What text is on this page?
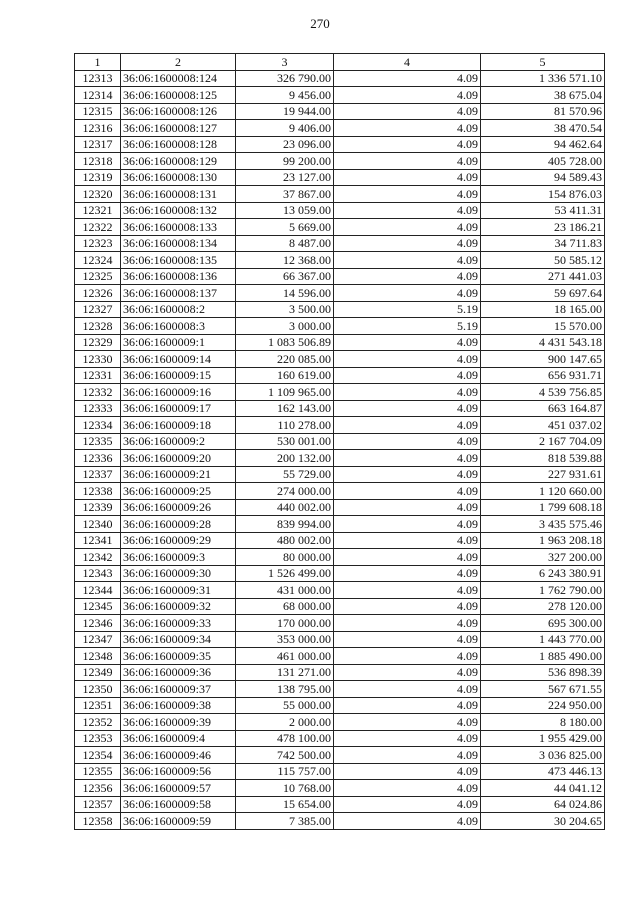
270
1	2	3	4	5
12313	36:06:1600008:124	326 790.00	4.09	1 336 571.10
12314	36:06:1600008:125	9 456.00	4.09	38 675.04
12315	36:06:1600008:126	19 944.00	4.09	81 570.96
12316	36:06:1600008:127	9 406.00	4.09	38 470.54
12317	36:06:1600008:128	23 096.00	4.09	94 462.64
12318	36:06:1600008:129	99 200.00	4.09	405 728.00
12319	36:06:1600008:130	23 127.00	4.09	94 589.43
12320	36:06:1600008:131	37 867.00	4.09	154 876.03
12321	36:06:1600008:132	13 059.00	4.09	53 411.31
12322	36:06:1600008:133	5 669.00	4.09	23 186.21
12323	36:06:1600008:134	8 487.00	4.09	34 711.83
12324	36:06:1600008:135	12 368.00	4.09	50 585.12
12325	36:06:1600008:136	66 367.00	4.09	271 441.03
12326	36:06:1600008:137	14 596.00	4.09	59 697.64
12327	36:06:1600008:2	3 500.00	5.19	18 165.00
12328	36:06:1600008:3	3 000.00	5.19	15 570.00
12329	36:06:1600009:1	1 083 506.89	4.09	4 431 543.18
12330	36:06:1600009:14	220 085.00	4.09	900 147.65
12331	36:06:1600009:15	160 619.00	4.09	656 931.71
12332	36:06:1600009:16	1 109 965.00	4.09	4 539 756.85
12333	36:06:1600009:17	162 143.00	4.09	663 164.87
12334	36:06:1600009:18	110 278.00	4.09	451 037.02
12335	36:06:1600009:2	530 001.00	4.09	2 167 704.09
12336	36:06:1600009:20	200 132.00	4.09	818 539.88
12337	36:06:1600009:21	55 729.00	4.09	227 931.61
12338	36:06:1600009:25	274 000.00	4.09	1 120 660.00
12339	36:06:1600009:26	440 002.00	4.09	1 799 608.18
12340	36:06:1600009:28	839 994.00	4.09	3 435 575.46
12341	36:06:1600009:29	480 002.00	4.09	1 963 208.18
12342	36:06:1600009:3	80 000.00	4.09	327 200.00
12343	36:06:1600009:30	1 526 499.00	4.09	6 243 380.91
12344	36:06:1600009:31	431 000.00	4.09	1 762 790.00
12345	36:06:1600009:32	68 000.00	4.09	278 120.00
12346	36:06:1600009:33	170 000.00	4.09	695 300.00
12347	36:06:1600009:34	353 000.00	4.09	1 443 770.00
12348	36:06:1600009:35	461 000.00	4.09	1 885 490.00
12349	36:06:1600009:36	131 271.00	4.09	536 898.39
12350	36:06:1600009:37	138 795.00	4.09	567 671.55
12351	36:06:1600009:38	55 000.00	4.09	224 950.00
12352	36:06:1600009:39	2 000.00	4.09	8 180.00
12353	36:06:1600009:4	478 100.00	4.09	1 955 429.00
12354	36:06:1600009:46	742 500.00	4.09	3 036 825.00
12355	36:06:1600009:56	115 757.00	4.09	473 446.13
12356	36:06:1600009:57	10 768.00	4.09	44 041.12
12357	36:06:1600009:58	15 654.00	4.09	64 024.86
12358	36:06:1600009:59	7 385.00	4.09	30 204.65
